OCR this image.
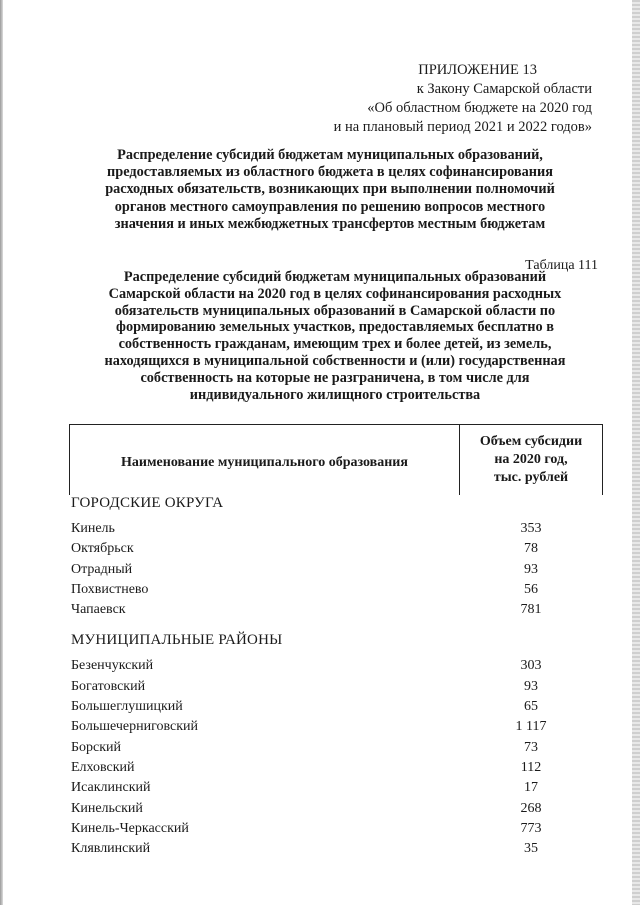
ПРИЛОЖЕНИЕ 13
к Закону Самарской области
«Об областном бюджете на 2020 год
и на плановый период 2021 и 2022 годов»
Распределение субсидий бюджетам муниципальных образований,
предоставляемых из областного бюджета в целях софинансирования
расходных обязательств, возникающих при выполнении полномочий
органов местного самоуправления по решению вопросов местного
значения и иных межбюджетных трансфертов местным бюджетам
Таблица 111
Распределение субсидий бюджетам муниципальных образований
Самарской области на 2020 год в целях софинансирования расходных
обязательств муниципальных образований в Самарской области по
формированию земельных участков, предоставляемых бесплатно в
собственность гражданам, имеющим трех и более детей, из земель,
находящихся в муниципальной собственности и (или) государственная
собственность на которые не разграничена, в том числе для
индивидуального жилищного строительства
Наименование муниципального образования
Объем субсидии
на 2020 год,
тыс. рублей
ГОРОДСКИЕ ОКРУГА
Кинель	353
Октябрьск	78
Отрадный	93
Похвистнево	56
Чапаевск	781
МУНИЦИПАЛЬНЫЕ РАЙОНЫ
Безенчукский	303
Богатовский	93
Большеглушицкий	65
Большечерниговский	1 117
Борский	73
Елховский	112
Исаклинский	17
Кинельский	268
Кинель-Черкасский	773
Клявлинский	35
